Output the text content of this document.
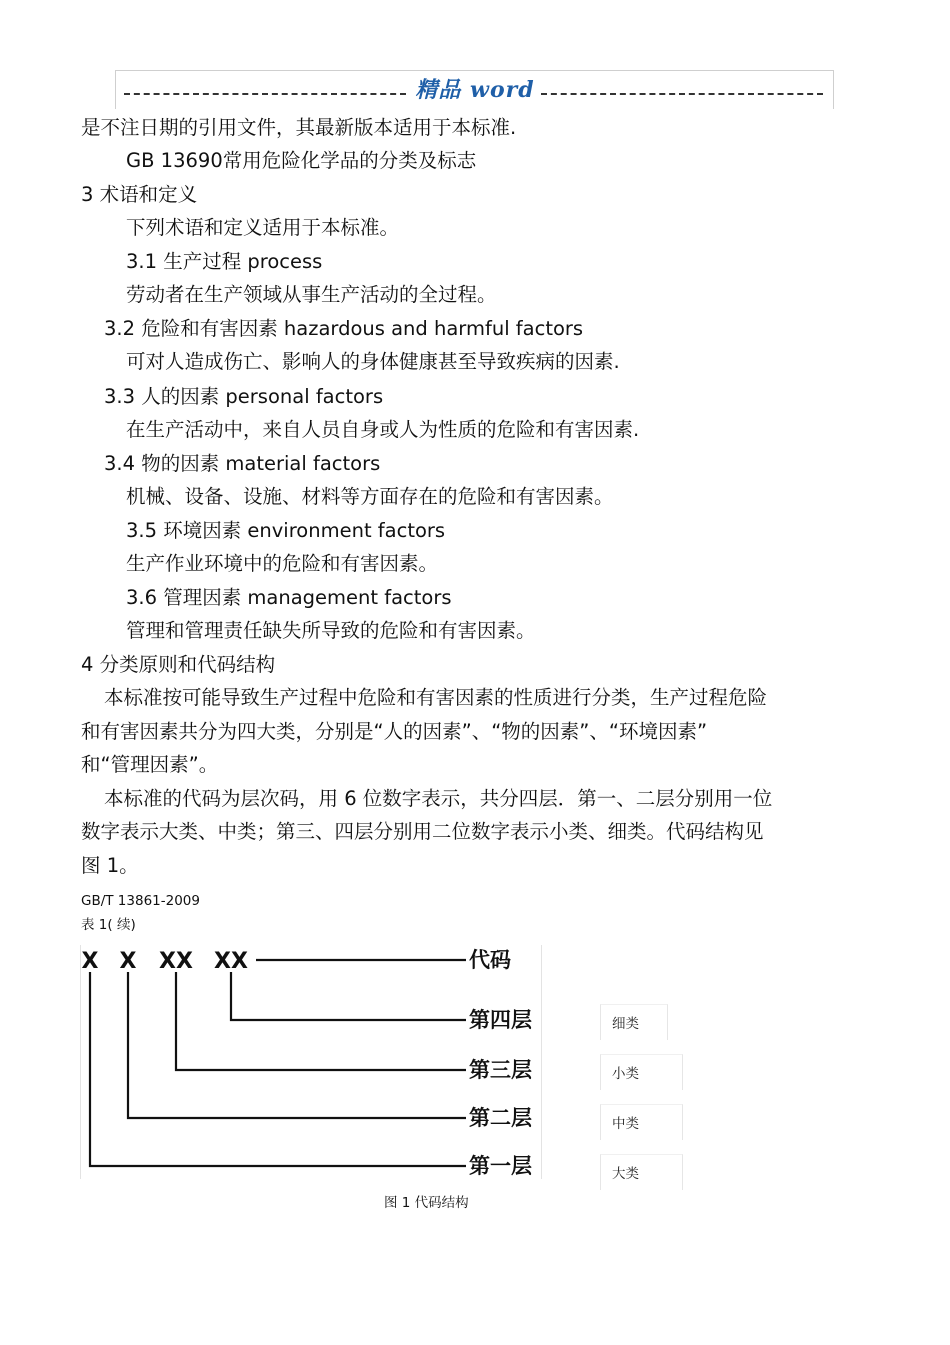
精品 word
是不注日期的引用文件，其最新版本适用于本标准.
GB 13690常用危险化学品的分类及标志
3 术语和定义
下列术语和定义适用于本标准。
3.1 生产过程 process
劳动者在生产领域从事生产活动的全过程。
3.2 危险和有害因素 hazardous and harmful factors
可对人造成伤亡、影响人的身体健康甚至导致疾病的因素.
3.3 人的因素 personal factors
在生产活动中，来自人员自身或人为性质的危险和有害因素.
3.4 物的因素 material factors
机械、设备、设施、材料等方面存在的危险和有害因素。
3.5 环境因素 environment factors
生产作业环境中的危险和有害因素。
3.6 管理因素 management factors
管理和管理责任缺失所导致的危险和有害因素。
4 分类原则和代码结构
本标准按可能导致生产过程中危险和有害因素的性质进行分类，生产过程危险
和有害因素共分为四大类，分别是“人的因素”、“物的因素”、“环境因素”
和“管理因素”。
本标准的代码为层次码，用 6 位数字表示，共分四层．第一、二层分别用一位
数字表示大类、中类；第三、四层分别用二位数字表示小类、细类。代码结构见
图 1。
GB/T 13861-2009
表 1( 续)
X X XX XX	代码
第四层
第三层
第二层
第一层
细类
小类
中类
大类
图 1 代码结构
